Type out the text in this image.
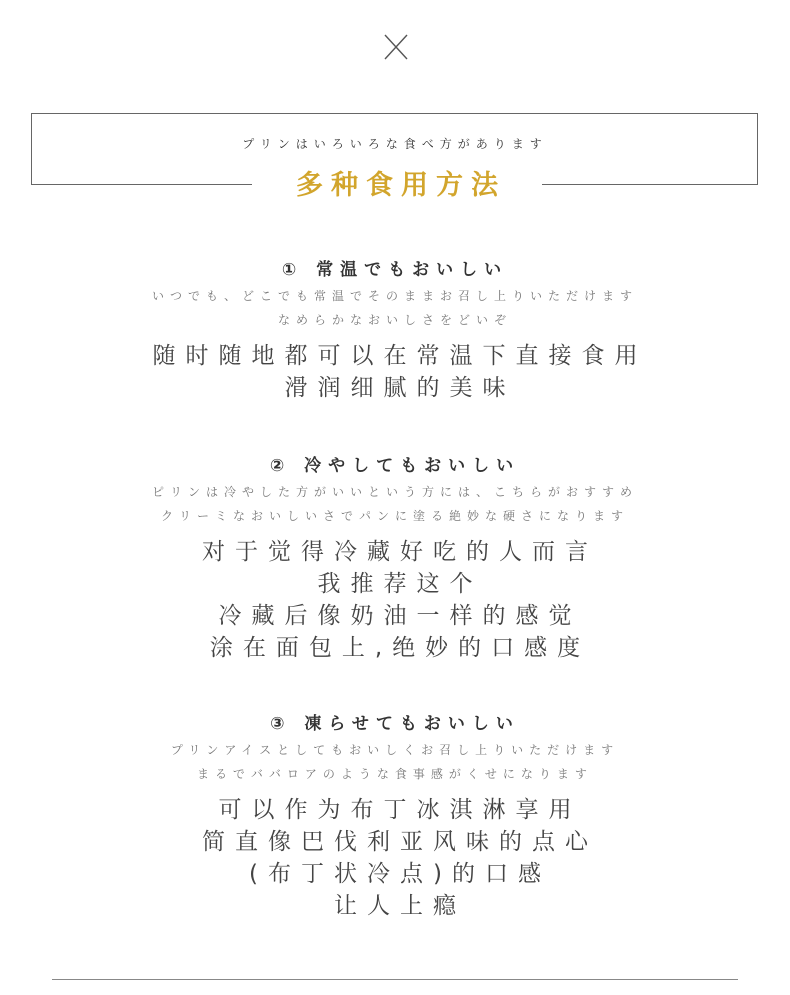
プリンはいろいろな食べ方があります
多种食用方法
① 常温でもおいしい
いつでも、どこでも常温でそのままお召し上りいただけます
なめらかなおいしさをどいぞ
随时随地都可以在常温下直接食用
滑润细腻的美味
② 冷やしてもおいしい
ピリンは冷やした方がいいという方には、こちらがおすすめ
クリーミなおいしいさでパンに塗る絶妙な硬さになります
对于觉得冷藏好吃的人而言
我推荐这个
冷藏后像奶油一样的感觉
涂在面包上,绝妙的口感度
③ 凍らせてもおいしい
プリンアイスとしてもおいしくお召し上りいただけます
まるでババロアのような食事感がくせになります
可以作为布丁冰淇淋享用
简直像巴伐利亚风味的点心
(布丁状冷点)的口感
让人上瘾
